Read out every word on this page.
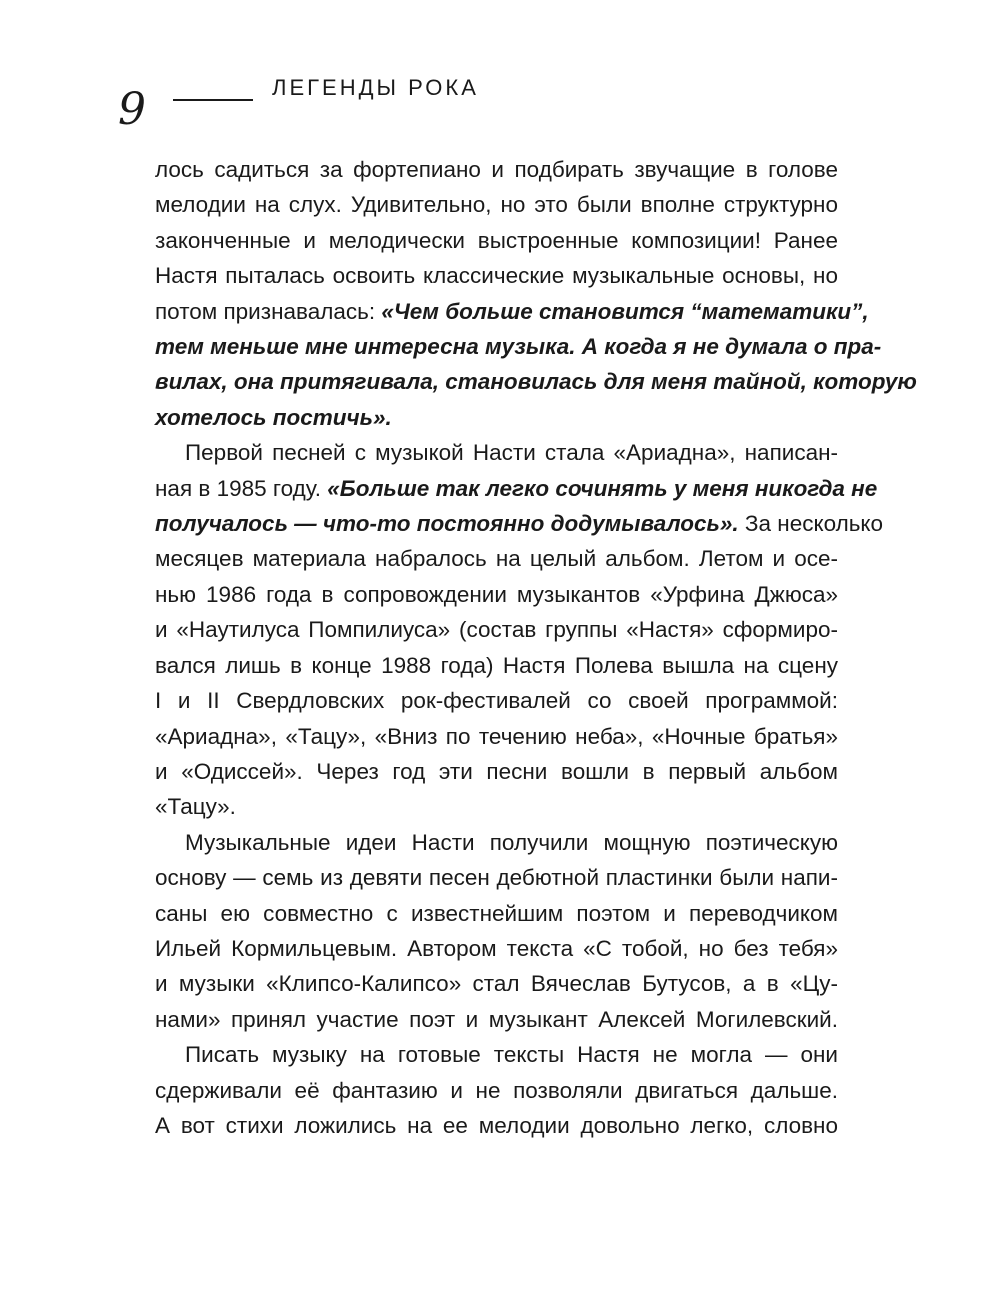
9	ЛЕГЕНДЫ РОКА

лось садиться за фортепиано и подбирать звучащие в голове
мелодии на слух. Удивительно, но это были вполне структурно
законченные и мелодически выстроенные композиции! Ранее
Настя пыталась освоить классические музыкальные основы, но
потом признавалась: «Чем больше становится “математики”,
тем меньше мне интересна музыка. А когда я не думала о пра-
вилах, она притягивала, становилась для меня тайной, которую
хотелось постичь».

Первой песней с музыкой Насти стала «Ариадна», написан-
ная в 1985 году. «Больше так легко сочинять у меня никогда не
получалось — что-то постоянно додумывалось». За несколько
месяцев материала набралось на целый альбом. Летом и осе-
нью 1986 года в сопровождении музыкантов «Урфина Джюса»
и «Наутилуса Помпилиуса» (состав группы «Настя» сформиро-
вался лишь в конце 1988 года) Настя Полева вышла на сцену
I и II Свердловских рок-фестивалей со своей программой:
«Ариадна», «Тацу», «Вниз по течению неба», «Ночные братья»
и «Одиссей». Через год эти песни вошли в первый альбом
«Тацу».

Музыкальные идеи Насти получили мощную поэтическую
основу — семь из девяти песен дебютной пластинки были напи-
саны ею совместно с известнейшим поэтом и переводчиком
Ильей Кормильцевым. Автором текста «С тобой, но без тебя»
и музыки «Клипсо-Калипсо» стал Вячеслав Бутусов, а в «Цу-
нами» принял участие поэт и музыкант Алексей Могилевский.

Писать музыку на готовые тексты Настя не могла — они
сдерживали её фантазию и не позволяли двигаться дальше.
А вот стихи ложились на ее мелодии довольно легко, словно
